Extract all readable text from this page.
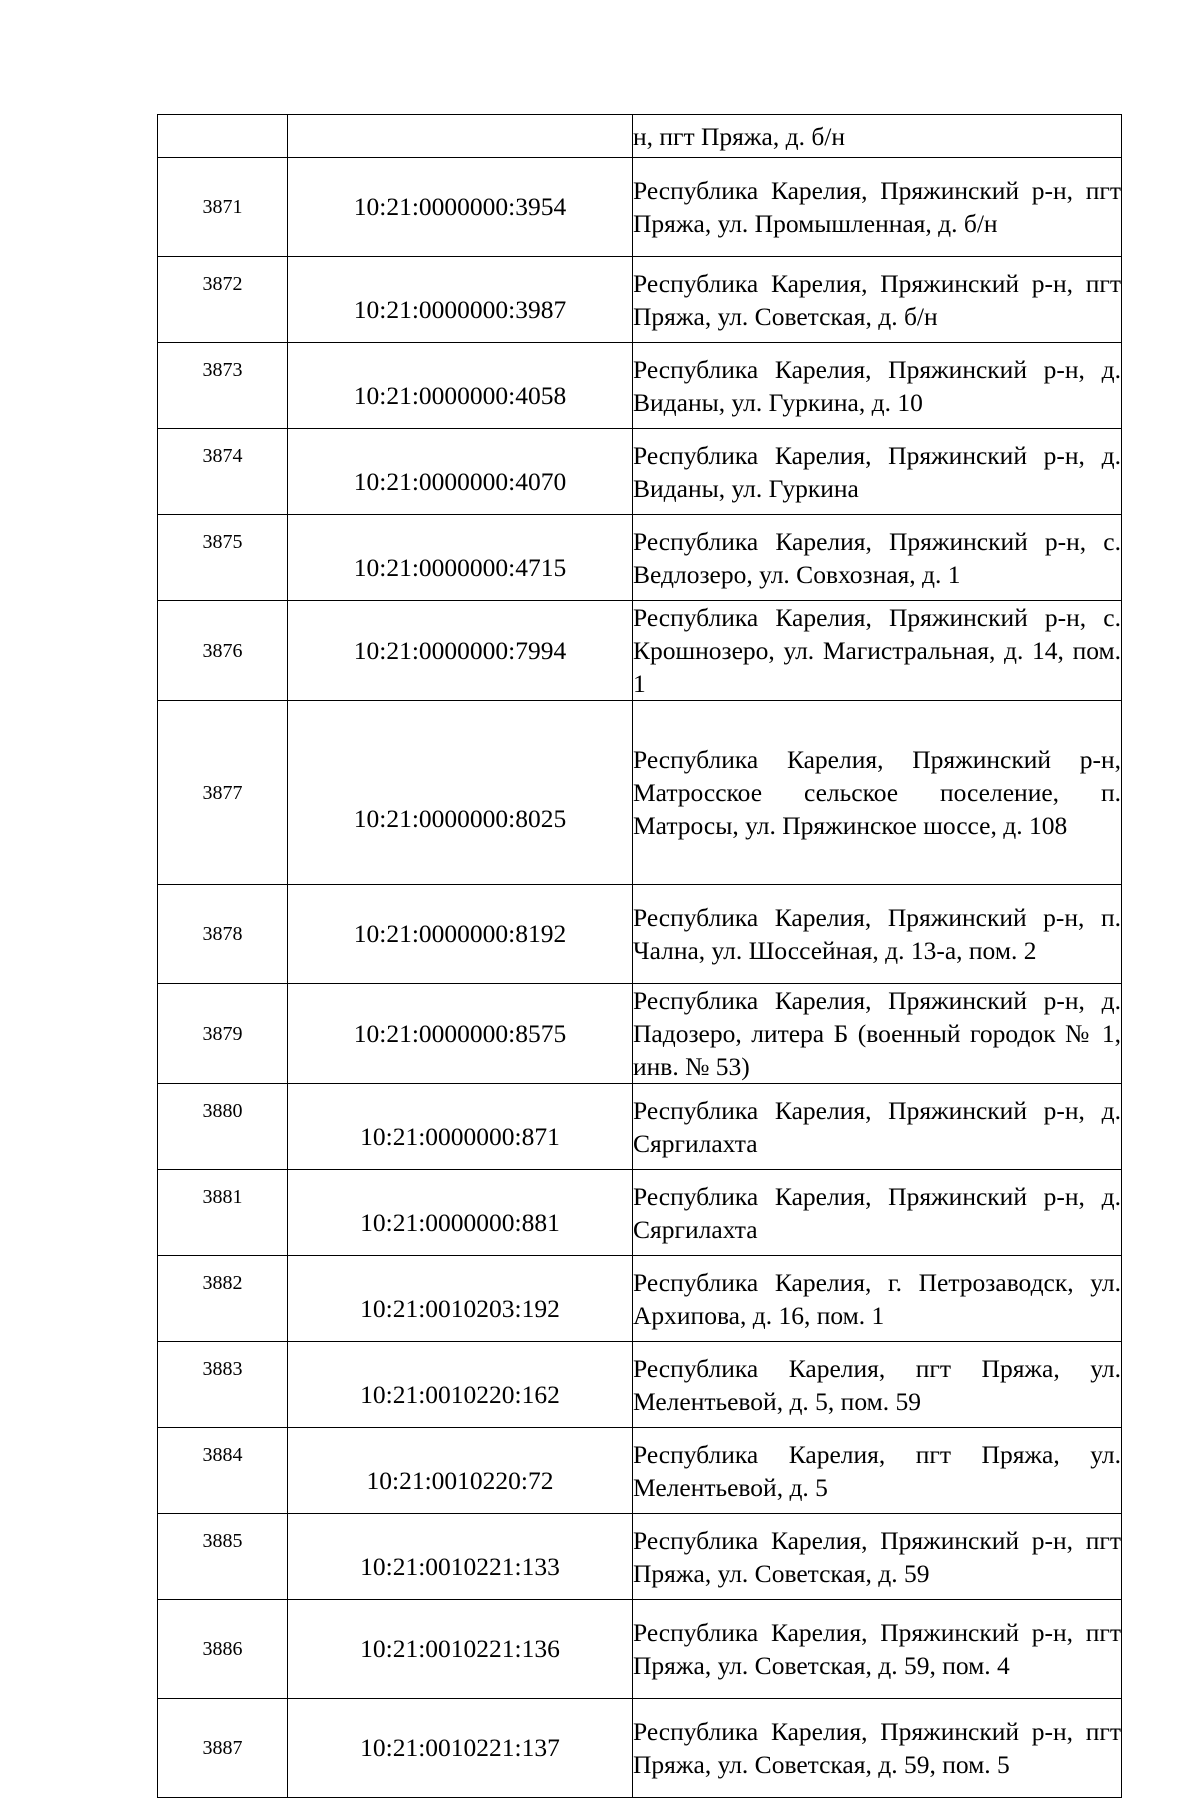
		н, пгт Пряжа, д. б/н
3871	10:21:0000000:3954	Республика Карелия, Пряжинский р-н, пгт Пряжа, ул. Промышленная, д. б/н
3872	10:21:0000000:3987	Республика Карелия, Пряжинский р-н, пгт Пряжа, ул. Советская, д. б/н
3873	10:21:0000000:4058	Республика Карелия, Пряжинский р-н, д. Виданы, ул. Гуркина, д. 10
3874	10:21:0000000:4070	Республика Карелия, Пряжинский р-н, д. Виданы, ул. Гуркина
3875	10:21:0000000:4715	Республика Карелия, Пряжинский р-н, с. Ведлозеро, ул. Совхозная, д. 1
3876	10:21:0000000:7994	Республика Карелия, Пряжинский р-н, с. Крошнозеро, ул. Магистральная, д. 14, пом. 1
3877	10:21:0000000:8025	Республика Карелия, Пряжинский р-н, Матросское сельское поселение, п. Матросы, ул. Пряжинское шоссе, д. 108
3878	10:21:0000000:8192	Республика Карелия, Пряжинский р-н, п. Чална, ул. Шоссейная, д. 13-а, пом. 2
3879	10:21:0000000:8575	Республика Карелия, Пряжинский р-н, д. Падозеро, литера Б (военный городок № 1, инв. № 53)
3880	10:21:0000000:871	Республика Карелия, Пряжинский р-н, д. Сяргилахта
3881	10:21:0000000:881	Республика Карелия, Пряжинский р-н, д. Сяргилахта
3882	10:21:0010203:192	Республика Карелия, г. Петрозаводск, ул. Архипова, д. 16, пом. 1
3883	10:21:0010220:162	Республика Карелия, пгт Пряжа, ул. Мелентьевой, д. 5, пом. 59
3884	10:21:0010220:72	Республика Карелия, пгт Пряжа, ул. Мелентьевой, д. 5
3885	10:21:0010221:133	Республика Карелия, Пряжинский р-н, пгт Пряжа, ул. Советская, д. 59
3886	10:21:0010221:136	Республика Карелия, Пряжинский р-н, пгт Пряжа, ул. Советская, д. 59, пом. 4
3887	10:21:0010221:137	Республика Карелия, Пряжинский р-н, пгт Пряжа, ул. Советская, д. 59, пом. 5
